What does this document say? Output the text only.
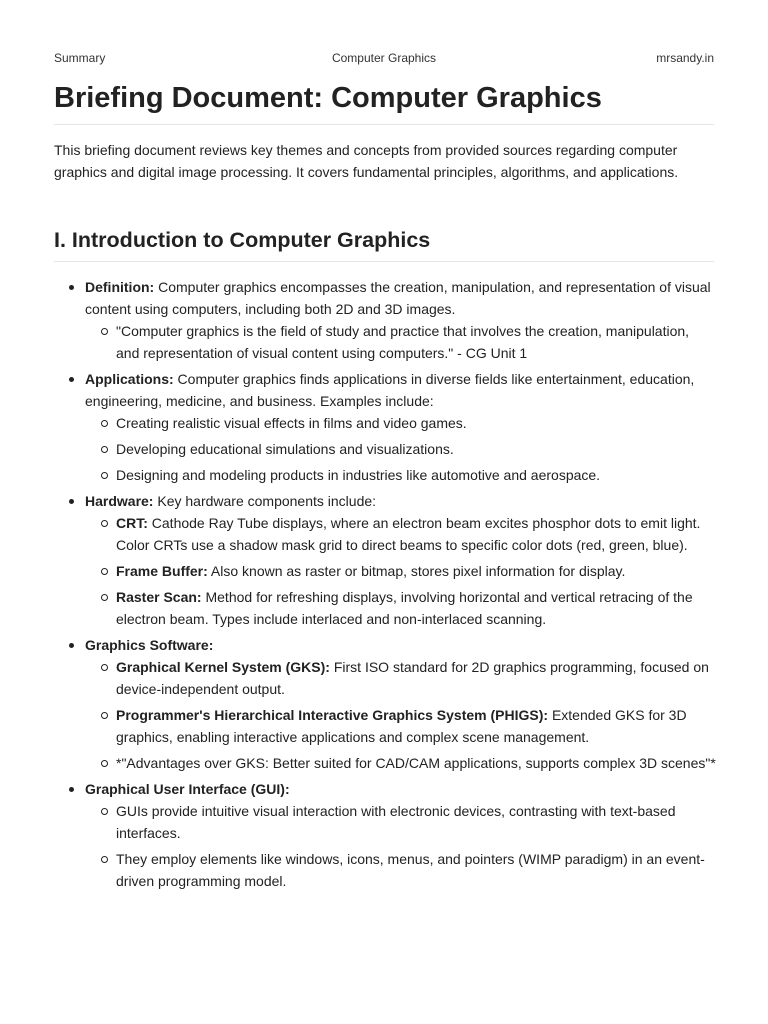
Summary	Computer Graphics	mrsandy.in
Briefing Document: Computer Graphics

This briefing document reviews key themes and concepts from provided sources regarding computer graphics and digital image processing. It covers fundamental principles, algorithms, and applications.

I. Introduction to Computer Graphics
Definition: Computer graphics encompasses the creation, manipulation, and representation of visual content using computers, including both 2D and 3D images.
"Computer graphics is the field of study and practice that involves the creation, manipulation, and representation of visual content using computers." - CG Unit 1
Applications: Computer graphics finds applications in diverse fields like entertainment, education, engineering, medicine, and business. Examples include:
Creating realistic visual effects in films and video games.
Developing educational simulations and visualizations.
Designing and modeling products in industries like automotive and aerospace.
Hardware: Key hardware components include:
CRT: Cathode Ray Tube displays, where an electron beam excites phosphor dots to emit light. Color CRTs use a shadow mask grid to direct beams to specific color dots (red, green, blue).
Frame Buffer: Also known as raster or bitmap, stores pixel information for display.
Raster Scan: Method for refreshing displays, involving horizontal and vertical retracing of the electron beam. Types include interlaced and non-interlaced scanning.
Graphics Software:
Graphical Kernel System (GKS): First ISO standard for 2D graphics programming, focused on device-independent output.
Programmer's Hierarchical Interactive Graphics System (PHIGS): Extended GKS for 3D graphics, enabling interactive applications and complex scene management.
*"Advantages over GKS: Better suited for CAD/CAM applications, supports complex 3D scenes"*
Graphical User Interface (GUI):
GUIs provide intuitive visual interaction with electronic devices, contrasting with text-based interfaces.
They employ elements like windows, icons, menus, and pointers (WIMP paradigm) in an event-driven programming model.
